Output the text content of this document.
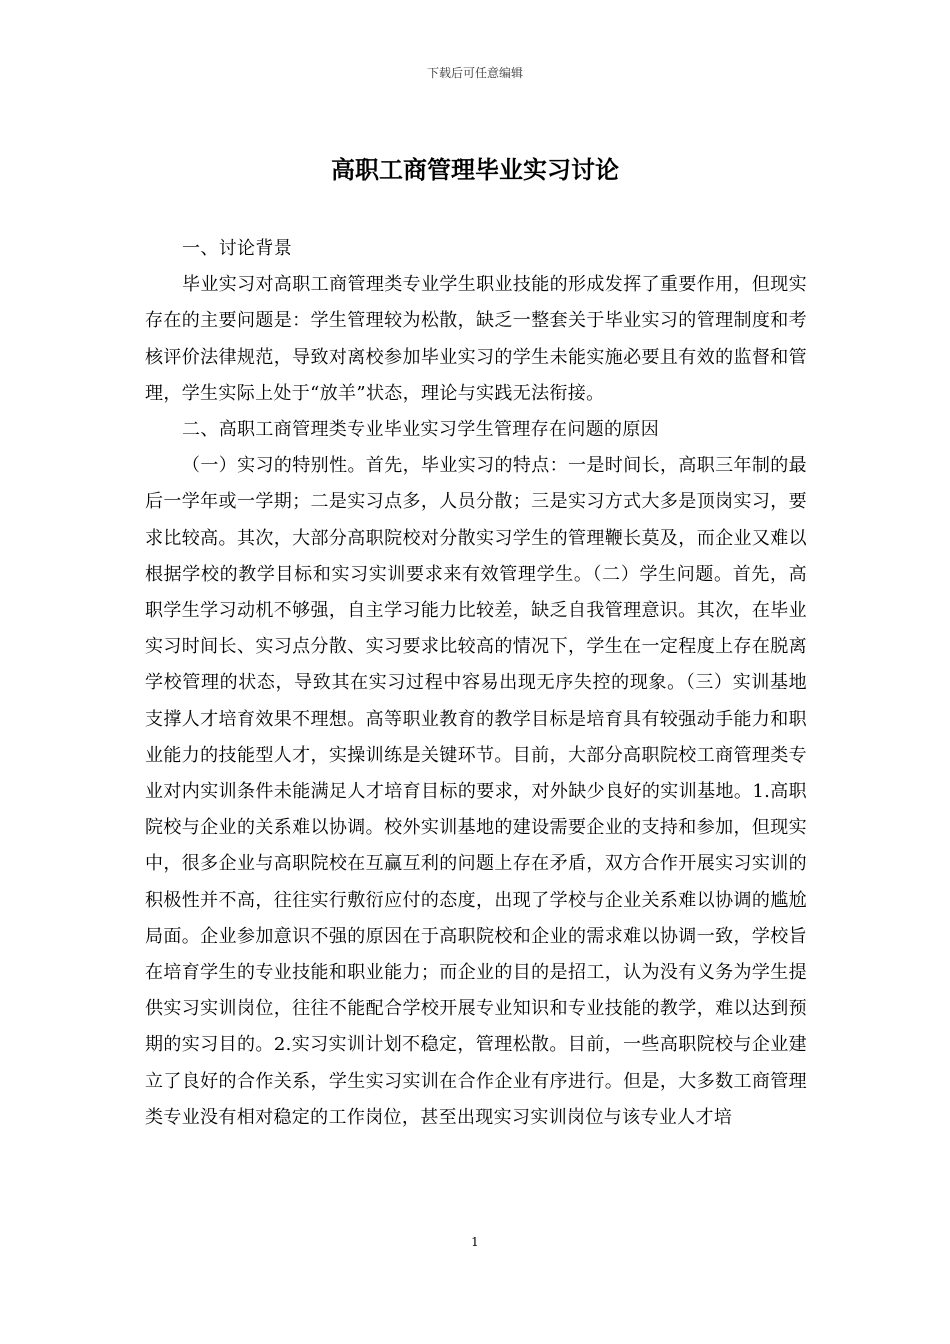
下载后可任意编辑
高职工商管理毕业实习讨论

一、讨论背景

毕业实习对高职工商管理类专业学生职业技能的形成发挥了重要作用，但现实存在的主要问题是：学生管理较为松散，缺乏一整套关于毕业实习的管理制度和考核评价法律规范，导致对离校参加毕业实习的学生未能实施必要且有效的监督和管理，学生实际上处于“放羊”状态，理论与实践无法衔接。

二、高职工商管理类专业毕业实习学生管理存在问题的原因

（一）实习的特别性。首先，毕业实习的特点：一是时间长，高职三年制的最后一学年或一学期；二是实习点多，人员分散；三是实习方式大多是顶岗实习，要求比较高。其次，大部分高职院校对分散实习学生的管理鞭长莫及，而企业又难以根据学校的教学目标和实习实训要求来有效管理学生。（二）学生问题。首先，高职学生学习动机不够强，自主学习能力比较差，缺乏自我管理意识。其次，在毕业实习时间长、实习点分散、实习要求比较高的情况下，学生在一定程度上存在脱离学校管理的状态，导致其在实习过程中容易出现无序失控的现象。（三）实训基地支撑人才培育效果不理想。高等职业教育的教学目标是培育具有较强动手能力和职业能力的技能型人才，实操训练是关键环节。目前，大部分高职院校工商管理类专业对内实训条件未能满足人才培育目标的要求，对外缺少良好的实训基地。1.高职院校与企业的关系难以协调。校外实训基地的建设需要企业的支持和参加，但现实中，很多企业与高职院校在互赢互利的问题上存在矛盾，双方合作开展实习实训的积极性并不高，往往实行敷衍应付的态度，出现了学校与企业关系难以协调的尴尬局面。企业参加意识不强的原因在于高职院校和企业的需求难以协调一致，学校旨在培育学生的专业技能和职业能力；而企业的目的是招工，认为没有义务为学生提供实习实训岗位，往往不能配合学校开展专业知识和专业技能的教学，难以达到预期的实习目的。2.实习实训计划不稳定，管理松散。目前，一些高职院校与企业建立了良好的合作关系，学生实习实训在合作企业有序进行。但是，大多数工商管理类专业没有相对稳定的工作岗位，甚至出现实习实训岗位与该专业人才培

1
